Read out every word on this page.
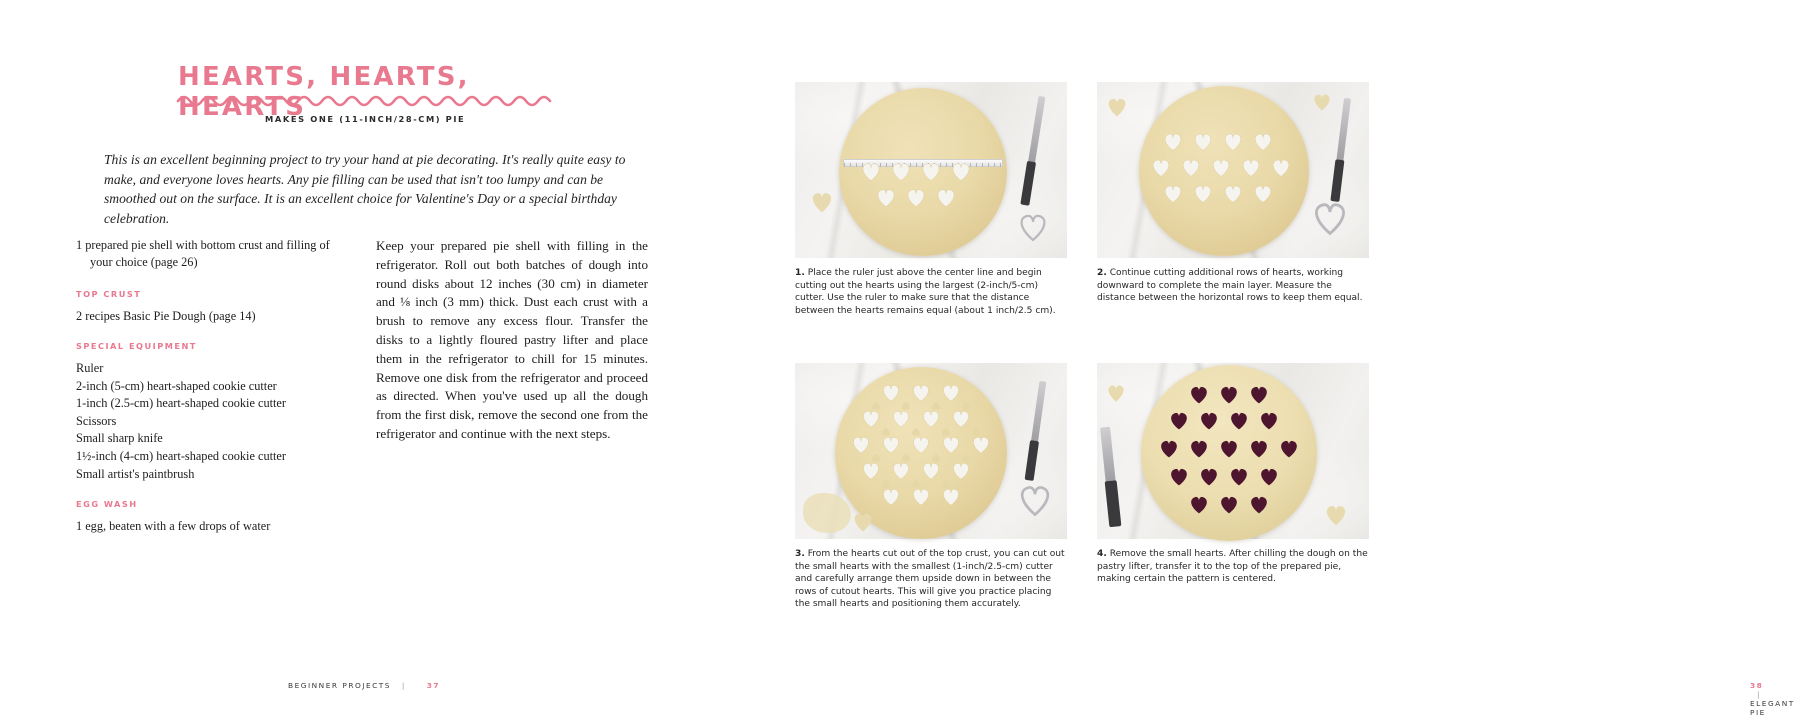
HEARTS, HEARTS, HEARTS
MAKES ONE (11-INCH/28-CM) PIE
This is an excellent beginning project to try your hand at pie decorating. It's really quite easy to make, and everyone loves hearts. Any pie filling can be used that isn't too lumpy and can be smoothed out on the surface. It is an excellent choice for Valentine's Day or a special birthday celebration.
1 prepared pie shell with bottom crust and filling of
your choice (page 26)
TOP CRUST
2 recipes Basic Pie Dough (page 14)
SPECIAL EQUIPMENT
Ruler
2-inch (5-cm) heart-shaped cookie cutter
1-inch (2.5-cm) heart-shaped cookie cutter
Scissors
Small sharp knife
1½-inch (4-cm) heart-shaped cookie cutter
Small artist's paintbrush
EGG WASH
1 egg, beaten with a few drops of water
Keep your prepared pie shell with filling in the refrigerator. Roll out both batches of dough into round disks about 12 inches (30 cm) in diameter and ⅛ inch (3 mm) thick. Dust each crust with a brush to remove any excess flour. Transfer the disks to a lightly floured pastry lifter and place them in the refrigerator to chill for 15 minutes. Remove one disk from the refrigerator and proceed as directed. When you've used up all the dough from the first disk, remove the second one from the refrigerator and continue with the next steps.
BEGINNER PROJECTS |	37
1. Place the ruler just above the center line and begin cutting out the hearts using the largest (2-inch/5-cm) cutter. Use the ruler to make sure that the distance between the hearts remains equal (about 1 inch/2.5 cm).
2. Continue cutting additional rows of hearts, working downward to complete the main layer. Measure the distance between the horizontal rows to keep them equal.
3. From the hearts cut out of the top crust, you can cut out the small hearts with the smallest (1-inch/2.5-cm) cutter and carefully arrange them upside down in between the rows of cutout hearts. This will give you practice placing the small hearts and positioning them accurately.
4. Remove the small hearts. After chilling the dough on the pastry lifter, transfer it to the top of the prepared pie, making certain the pattern is centered.
38 | ELEGANT PIE
